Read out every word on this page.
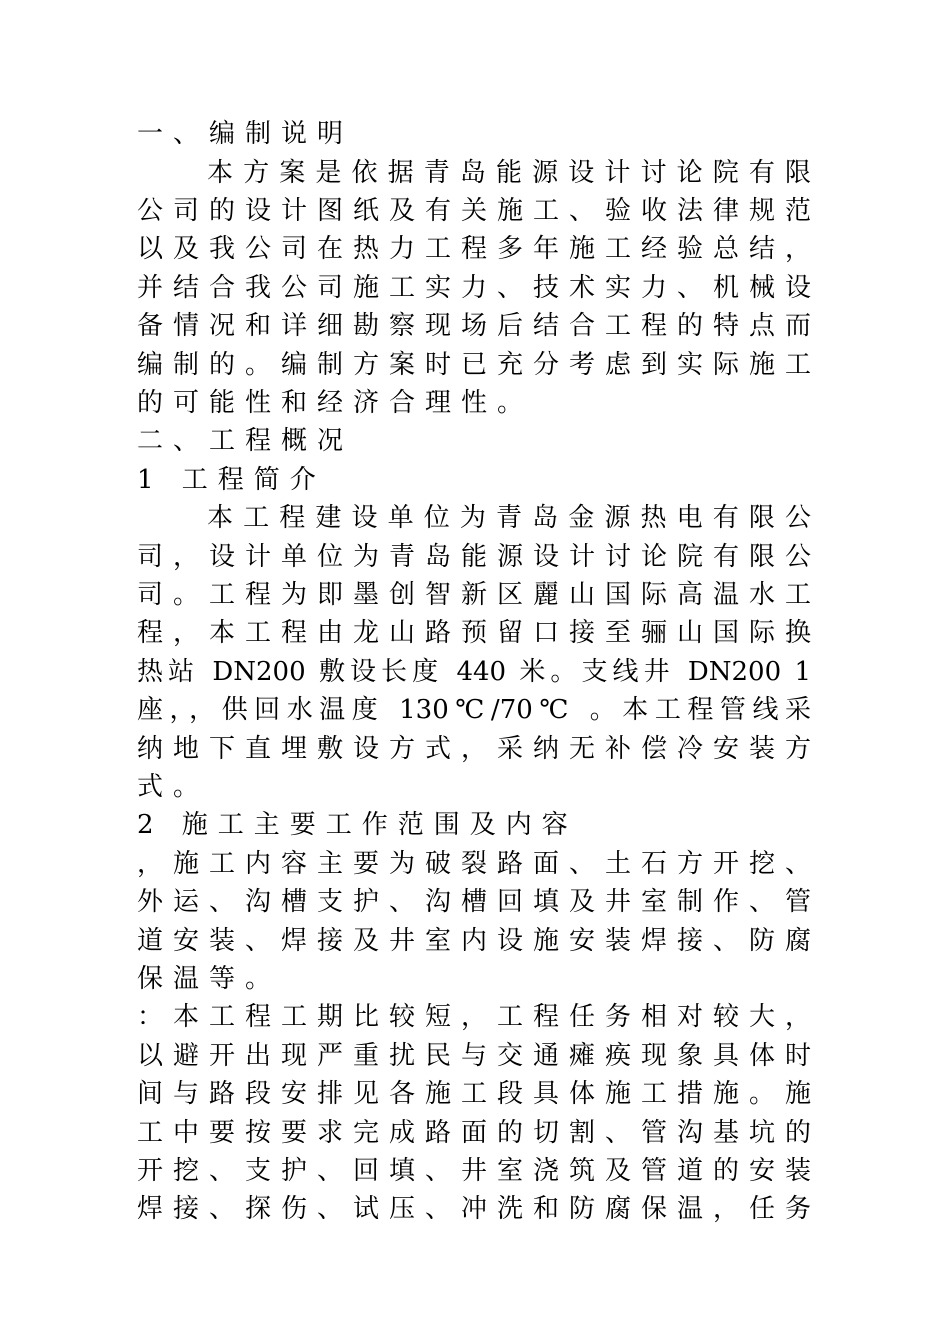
一、编制说明
本方案是依据青岛能源设计讨论院有限
公司的设计图纸及有关施工、验收法律规范
以及我公司在热力工程多年施工经验总结，
并结合我公司施工实力、技术实力、机械设
备情况和详细勘察现场后结合工程的特点而
编制的。编制方案时已充分考虑到实际施工
的可能性和经济合理性。
二、工程概况
1 工程简介
本工程建设单位为青岛金源热电有限公
司，设计单位为青岛能源设计讨论院有限公
司。工程为即墨创智新区麗山国际高温水工
程，本工程由龙山路预留口接至骊山国际换
热站 DN200 敷设长度 440 米。支线井 DN200 1
座，，供回水温度 130℃/70℃ 。本工程管线采
纳地下直埋敷设方式，采纳无补偿冷安装方
式。
2 施工主要工作范围及内容
，施工内容主要为破裂路面、土石方开挖、
外运、沟槽支护、沟槽回填及井室制作、管
道安装、焊接及井室内设施安装焊接、防腐
保温等。
：本工程工期比较短，工程任务相对较大，
以避开出现严重扰民与交通瘫痪现象具体时
间与路段安排见各施工段具体施工措施。施
工中要按要求完成路面的切割、管沟基坑的
开挖、支护、回填、井室浇筑及管道的安装
焊接、探伤、试压、冲洗和防腐保温，任务
